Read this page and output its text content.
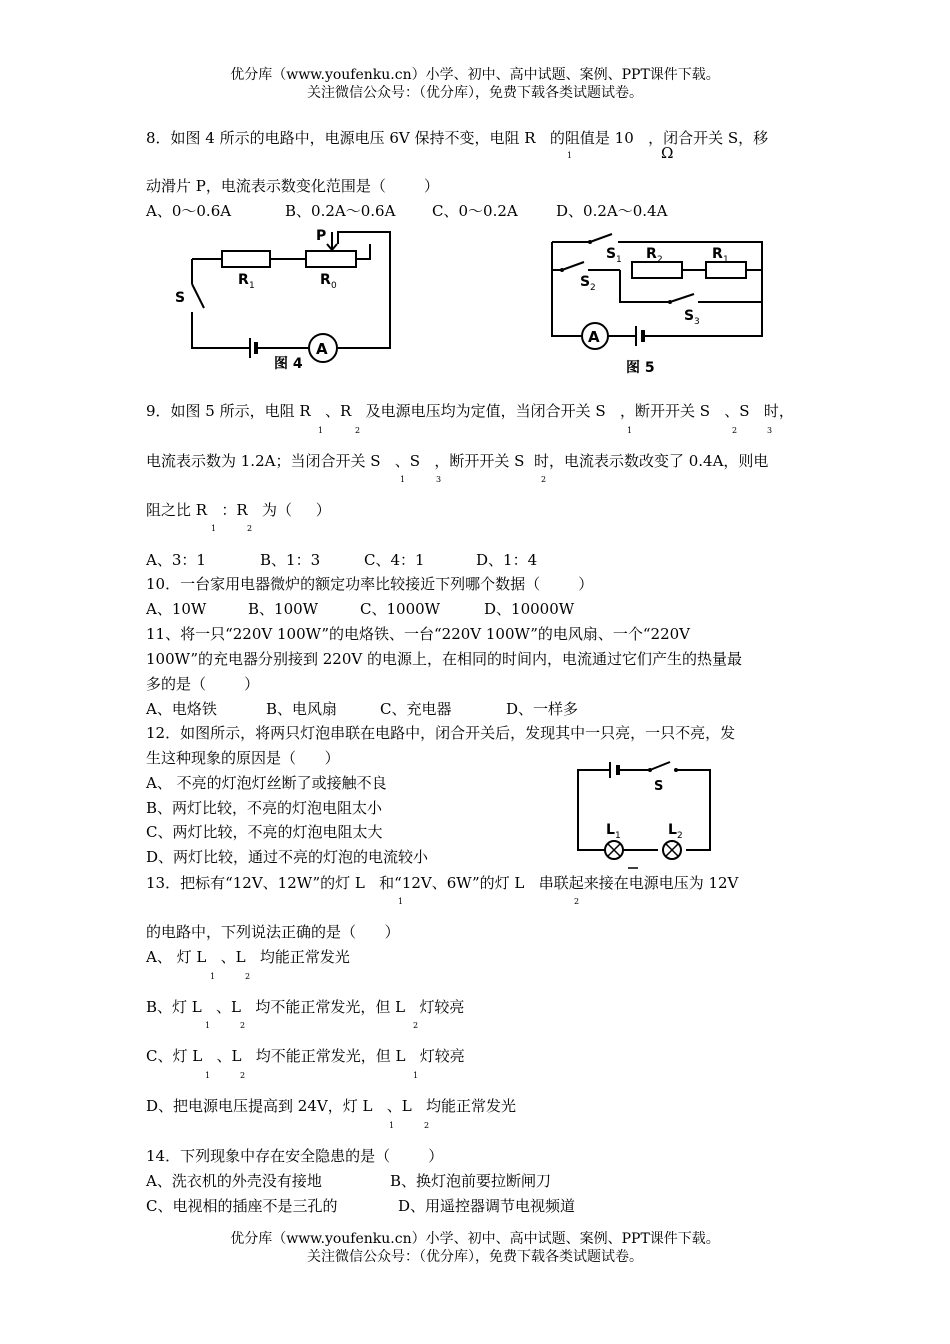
优分库（www.youfenku.cn）小学、初中、高中试题、案例、PPT课件下载。
关注微信公众号：（优分库），免费下载各类试题试卷。
8．如图 4 所示的电路中，电源电压 6V 保持不变，电阻 R   的阻值是 10   ，闭合开关 S，移
1	Ω
动滑片 P，电流表示数变化范围是（        ）
A、0～0.6A	B、0.2A～0.6A C、0～0.2A	D、0.2A～0.4A
A
R 1	R 0
P
S
图 4
A
S 1 R 2	R 1
S 2
S 3
图 5
9．如图 5 所示，电阻 R   、R   及电源电压均为定值，当闭合开关 S   ，断开开关 S   、S   时，
1	2	1	2	3
电流表示数为 1.2A；当闭合开关 S   、S   ，断开开关 S  时，电流表示数改变了 0.4A，则电
1	3	2
阻之比 R   ：R   为（     ）
1	2
A、3：1	B、1：3	C、4：1	D、1：4
10．一台家用电器微炉的额定功率比较接近下列哪个数据（        ）
A、10W	B、100W	C、1000W	D、10000W
11、将一只“220V 100W”的电烙铁、一台“220V 100W”的电风扇、一个“220V
100W”的充电器分别接到 220V 的电源上，在相同的时间内，电流通过它们产生的热量最
多的是（        ）
A、电烙铁	B、电风扇	C、充电器	D、一样多
12．如图所示，将两只灯泡串联在电路中，闭合开关后，发现其中一只亮，一只不亮，发
生这种现象的原因是（      ）
A、 不亮的灯泡灯丝断了或接触不良
B、两灯比较，不亮的灯泡电阻太小
C、两灯比较，不亮的灯泡电阻太大
D、两灯比较，通过不亮的灯泡的电流较小
S
L 1	L 2
13．把标有“12V、12W”的灯 L   和“12V、6W”的灯 L   串联起来接在电源电压为 12V
1	2
的电路中，下列说法正确的是（      ）
A、 灯 L   、L   均能正常发光
1	2
B、灯 L   、L   均不能正常发光，但 L   灯较亮
1	2	2
C、灯 L   、L   均不能正常发光，但 L   灯较亮
1	2	1
D、把电源电压提高到 24V，灯 L   、L   均能正常发光
1	2
14．下列现象中存在安全隐患的是（        ）
A、洗衣机的外壳没有接地	B、换灯泡前要拉断闸刀
C、电视相的插座不是三孔的	D、用遥控器调节电视频道
优分库（www.youfenku.cn）小学、初中、高中试题、案例、PPT课件下载。
关注微信公众号：（优分库），免费下载各类试题试卷。
